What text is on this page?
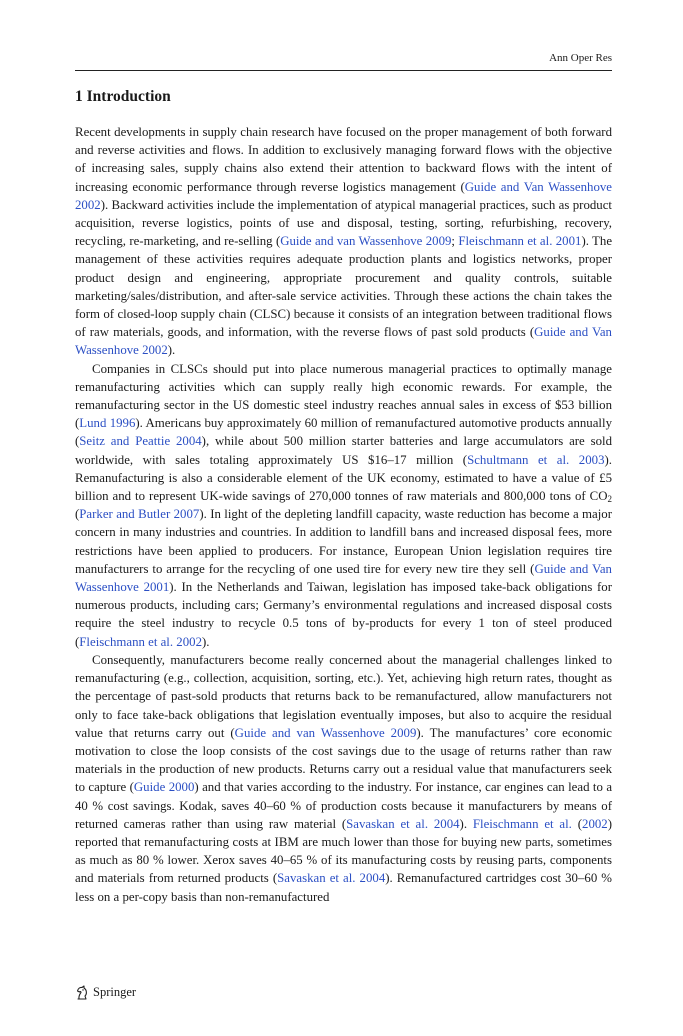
Ann Oper Res
1 Introduction

Recent developments in supply chain research have focused on the proper management of both forward and reverse activities and flows. In addition to exclusively managing forward flows with the objective of increasing sales, supply chains also extend their attention to backward flows with the intent of increasing economic performance through reverse logistics management (Guide and Van Wassenhove 2002). Backward activities include the implementation of atypical managerial practices, such as product acquisition, reverse logistics, points of use and disposal, testing, sorting, refurbishing, recovery, recycling, re-marketing, and re-selling (Guide and van Wassenhove 2009; Fleischmann et al. 2001). The management of these activities requires adequate production plants and logistics networks, proper product design and engineering, appropriate procurement and quality controls, suitable marketing/sales/distribution, and after-sale service activities. Through these actions the chain takes the form of closed-loop supply chain (CLSC) because it consists of an integration between traditional flows of raw materials, goods, and information, with the reverse flows of past sold products (Guide and Van Wassenhove 2002).

Companies in CLSCs should put into place numerous managerial practices to optimally manage remanufacturing activities which can supply really high economic rewards. For example, the remanufacturing sector in the US domestic steel industry reaches annual sales in excess of $53 billion (Lund 1996). Americans buy approximately 60 million of remanufactured automotive products annually (Seitz and Peattie 2004), while about 500 million starter batteries and large accumulators are sold worldwide, with sales totaling approximately US $16–17 million (Schultmann et al. 2003). Remanufacturing is also a considerable element of the UK economy, estimated to have a value of £5 billion and to represent UK-wide savings of 270,000 tonnes of raw materials and 800,000 tons of $CO_2$ (Parker and Butler 2007). In light of the depleting landfill capacity, waste reduction has become a major concern in many industries and countries. In addition to landfill bans and increased disposal fees, more restrictions have been applied to producers. For instance, European Union legislation requires tire manufacturers to arrange for the recycling of one used tire for every new tire they sell (Guide and Van Wassenhove 2001). In the Netherlands and Taiwan, legislation has imposed take-back obligations for numerous products, including cars; Germany’s environmental regulations and increased disposal costs require the steel industry to recycle 0.5 tons of by-products for every 1 ton of steel produced (Fleischmann et al. 2002).

Consequently, manufacturers become really concerned about the managerial challenges linked to remanufacturing (e.g., collection, acquisition, sorting, etc.). Yet, achieving high return rates, thought as the percentage of past-sold products that returns back to be remanufactured, allow manufacturers not only to face take-back obligations that legislation eventually imposes, but also to acquire the residual value that returns carry out (Guide and van Wassenhove 2009). The manufactures’ core economic motivation to close the loop consists of the cost savings due to the usage of returns rather than raw materials in the production of new products. Returns carry out a residual value that manufacturers seek to capture (Guide 2000) and that varies according to the industry. For instance, car engines can lead to a 40 % cost savings. Kodak, saves 40–60 % of production costs because it manufacturers by means of returned cameras rather than using raw material (Savaskan et al. 2004). Fleischmann et al. (2002) reported that remanufacturing costs at IBM are much lower than those for buying new parts, sometimes as much as 80 % lower. Xerox saves 40–65 % of its manufacturing costs by reusing parts, components and materials from returned products (Savaskan et al. 2004). Remanufactured cartridges cost 30–60 % less on a per-copy basis than non-remanufactured

Springer
